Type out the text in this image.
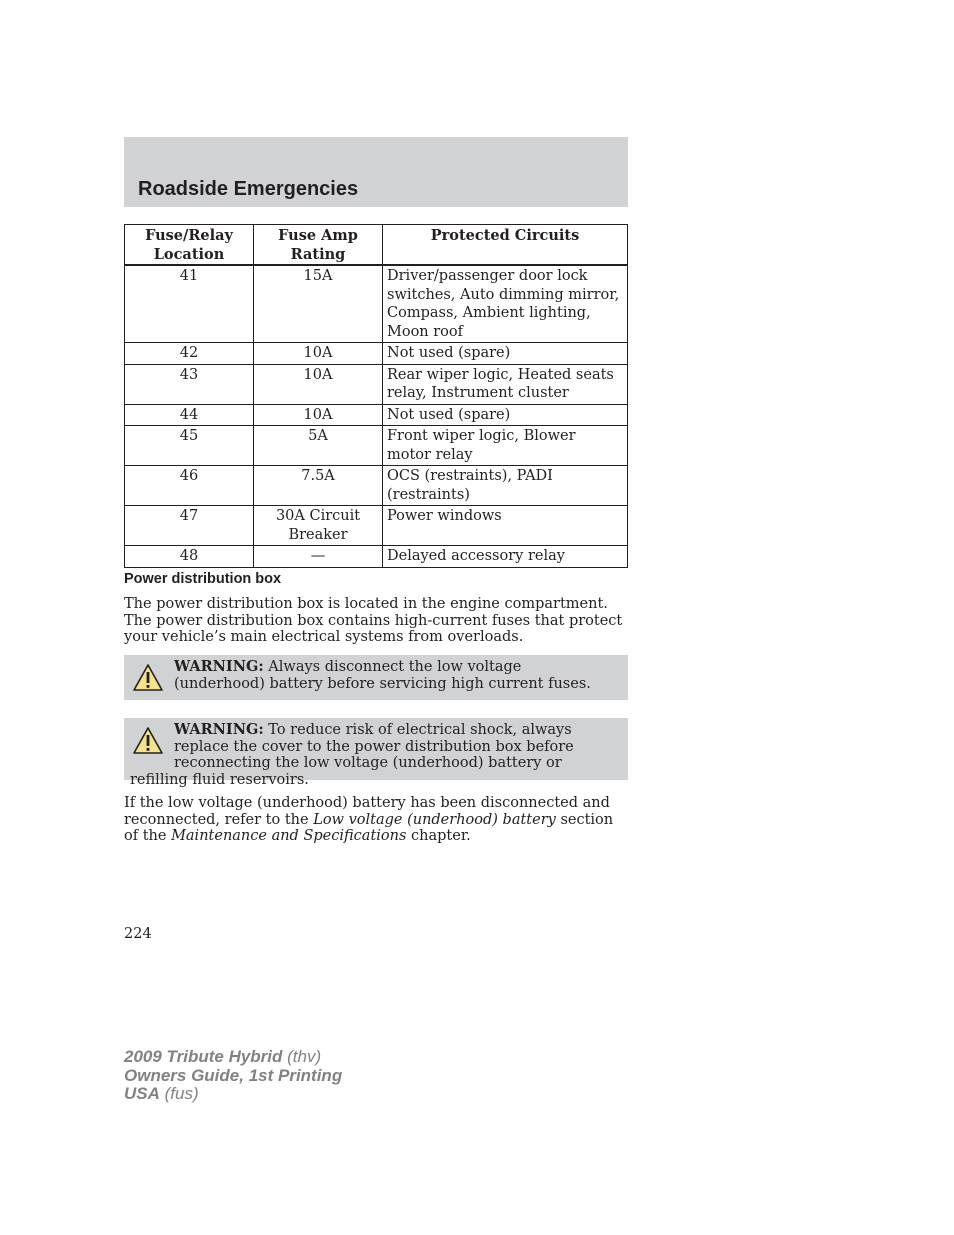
Roadside Emergencies
Fuse/Relay Location	Fuse Amp Rating	Protected Circuits
41	15A	Driver/passenger door lock switches, Auto dimming mirror, Compass, Ambient lighting, Moon roof
42	10A	Not used (spare)
43	10A	Rear wiper logic, Heated seats relay, Instrument cluster
44	10A	Not used (spare)
45	5A	Front wiper logic, Blower motor relay
46	7.5A	OCS (restraints), PADI (restraints)
47	30A Circuit Breaker	Power windows
48	—	Delayed accessory relay
Power distribution box

The power distribution box is located in the engine compartment. The power distribution box contains high-current fuses that protect your vehicle’s main electrical systems from overloads.

WARNING: Always disconnect the low voltage (underhood) battery before servicing high current fuses.
WARNING: To reduce risk of electrical shock, always replace the cover to the power distribution box before reconnecting the low voltage (underhood) battery or refilling fluid reservoirs.

If the low voltage (underhood) battery has been disconnected and reconnected, refer to the Low voltage (underhood) battery section of the Maintenance and Specifications chapter.

224

2009 Tribute Hybrid (thv)
Owners Guide, 1st Printing
USA (fus)
